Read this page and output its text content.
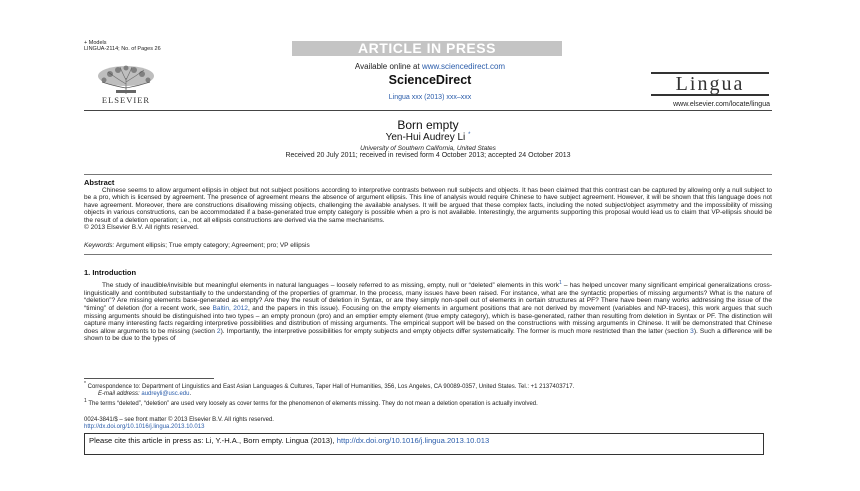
+ Models
LINGUA-2114; No. of Pages 26	ARTICLE IN PRESS
ELSEVIER
Available online at www.sciencedirect.com
ScienceDirect
Lingua xxx (2013) xxx–xxx
Lingua
www.elsevier.com/locate/lingua
Born empty
Yen-Hui Audrey Li *
University of Southern California, United States
Received 20 July 2011; received in revised form 4 October 2013; accepted 24 October 2013
Abstract

Chinese seems to allow argument ellipsis in object but not subject positions according to interpretive contrasts between null subjects and objects. It has been claimed that this contrast can be captured by allowing only a null subject to be a pro, which is licensed by agreement. The presence of agreement means the absence of argument ellipsis. This line of analysis would require Chinese to have subject agreement. However, it will be shown that this language does not have agreement. Moreover, there are constructions disallowing missing objects, challenging the available analyses. It will be argued that these complex facts, including the noted subject/object asymmetry and the impossibility of missing objects in various constructions, can be accommodated if a base-generated true empty category is possible when a pro is not available. Interestingly, the arguments supporting this proposal would lead us to claim that VP-ellipsis should be the result of a deletion operation; i.e., not all ellipsis constructions are derived via the same mechanisms.

© 2013 Elsevier B.V. All rights reserved.
Keywords: Argument ellipsis; True empty category; Agreement; pro; VP ellipsis
1. Introduction

The study of inaudible/invisible but meaningful elements in natural languages – loosely referred to as missing, empty, null or “deleted” elements in this work$^1$ – has helped uncover many significant empirical generalizations cross-linguistically and contributed substantially to the understanding of the properties of grammar. In the process, many issues have been raised. For instance, what are the syntactic properties of missing arguments? What is the nature of “deletion”? Are missing elements base-generated as empty? Are they the result of deletion in Syntax, or are they simply non-spell out of elements in certain structures at PF? There have been many works addressing the issue of the “timing” of deletion (for a recent work, see Baltin, 2012, and the papers in this issue). Focusing on the empty elements in argument positions that are not derived by movement (variables and NP-traces), this work argues that such missing arguments should be distinguished into two types – an empty pronoun (pro) and an emptier empty element (true empty category), which is base-generated, rather than resulting from deletion in Syntax or PF. The distinction will capture many interesting facts regarding interpretive possibilities and distribution of missing arguments. The empirical support will be based on the constructions with missing arguments in Chinese. It will be demonstrated that Chinese does allow arguments to be missing (section 2). Importantly, the interpretive possibilities for empty subjects and empty objects differ systematically. The former is much more restricted than the latter (section 3). Such a difference will be shown to be due to the types of

* Correspondence to: Department of Linguistics and East Asian Languages & Cultures, Taper Hall of Humanities, 356, Los Angeles, CA 90089-0357, United States. Tel.: +1 2137403717.

E-mail address: audreyli@usc.edu.

$^1$ The terms “deleted”, “deletion” are used very loosely as cover terms for the phenomenon of elements missing. They do not mean a deletion operation is actually involved.

0024-3841/$ – see front matter © 2013 Elsevier B.V. All rights reserved.
http://dx.doi.org/10.1016/j.lingua.2013.10.013
Please cite this article in press as: Li, Y.-H.A., Born empty. Lingua (2013), http://dx.doi.org/10.1016/j.lingua.2013.10.013
